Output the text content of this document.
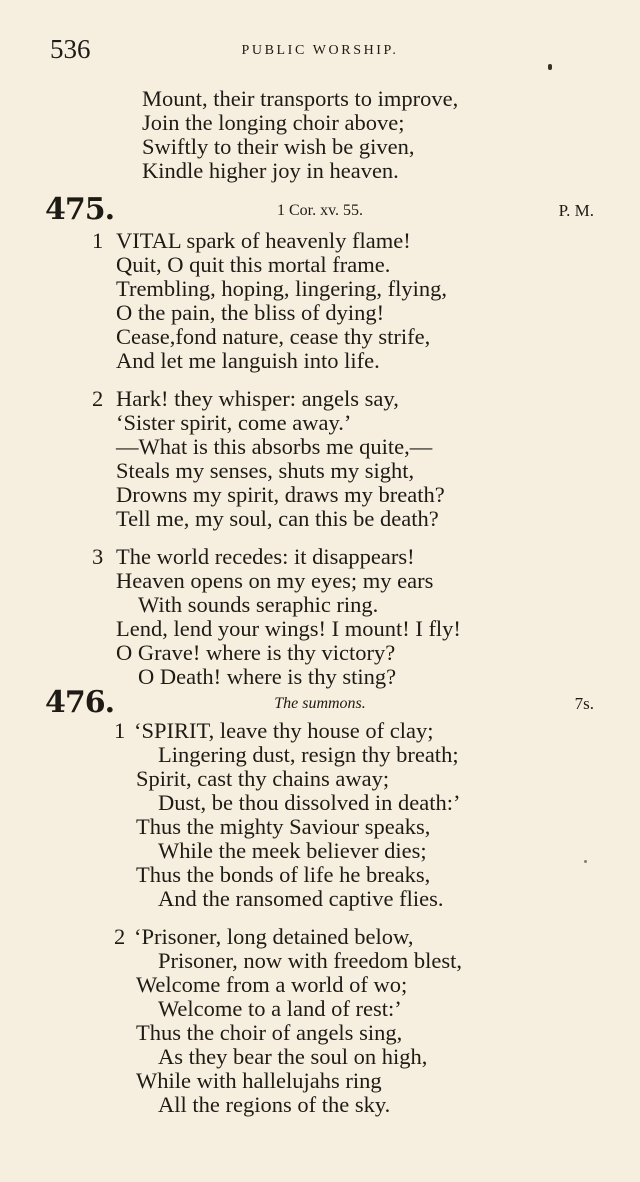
536	PUBLIC WORSHIP.
Mount, their transports to improve,
Join the longing choir above;
Swiftly to their wish be given,
Kindle higher joy in heaven.
475.	1 Cor. xv. 55.	P. M.
1 VITAL spark of heavenly flame!
Quit, O quit this mortal frame.
Trembling, hoping, lingering, flying,
O the pain, the bliss of dying!
Cease,fond nature, cease thy strife,
And let me languish into life.
2 Hark! they whisper: angels say,
‘Sister spirit, come away.’
—What is this absorbs me quite,—
Steals my senses, shuts my sight,
Drowns my spirit, draws my breath?
Tell me, my soul, can this be death?
3 The world recedes: it disappears!
Heaven opens on my eyes; my ears
With sounds seraphic ring.
Lend, lend your wings! I mount! I fly!
O Grave! where is thy victory?
O Death! where is thy sting?
476.	The summons.	7s.
1 ‘SPIRIT, leave thy house of clay;
Lingering dust, resign thy breath;
Spirit, cast thy chains away;
Dust, be thou dissolved in death:’
Thus the mighty Saviour speaks,
While the meek believer dies;
Thus the bonds of life he breaks,
And the ransomed captive flies.
2 ‘Prisoner, long detained below,
Prisoner, now with freedom blest,
Welcome from a world of wo;
Welcome to a land of rest:’
Thus the choir of angels sing,
As they bear the soul on high,
While with hallelujahs ring
All the regions of the sky.
